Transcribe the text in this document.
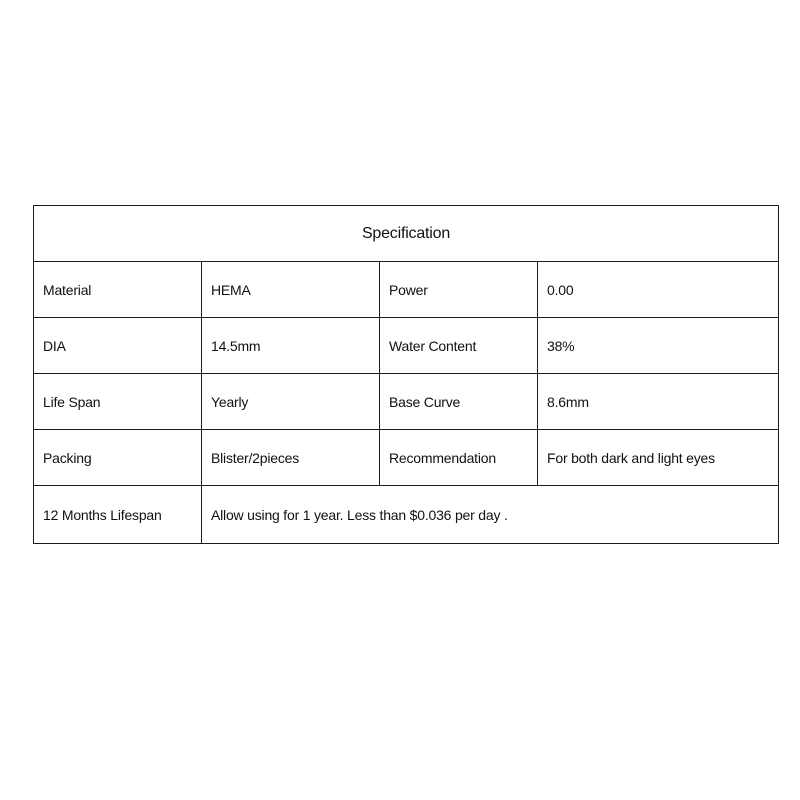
Specification			
Material	HEMA	Power	0.00
DIA	14.5mm	Water Content	38%
Life Span	Yearly	Base Curve	8.6mm
Packing	Blister/2pieces	Recommendation	For both dark and light eyes
12 Months Lifespan	Allow using for 1 year. Less than $0.036 per day .		
